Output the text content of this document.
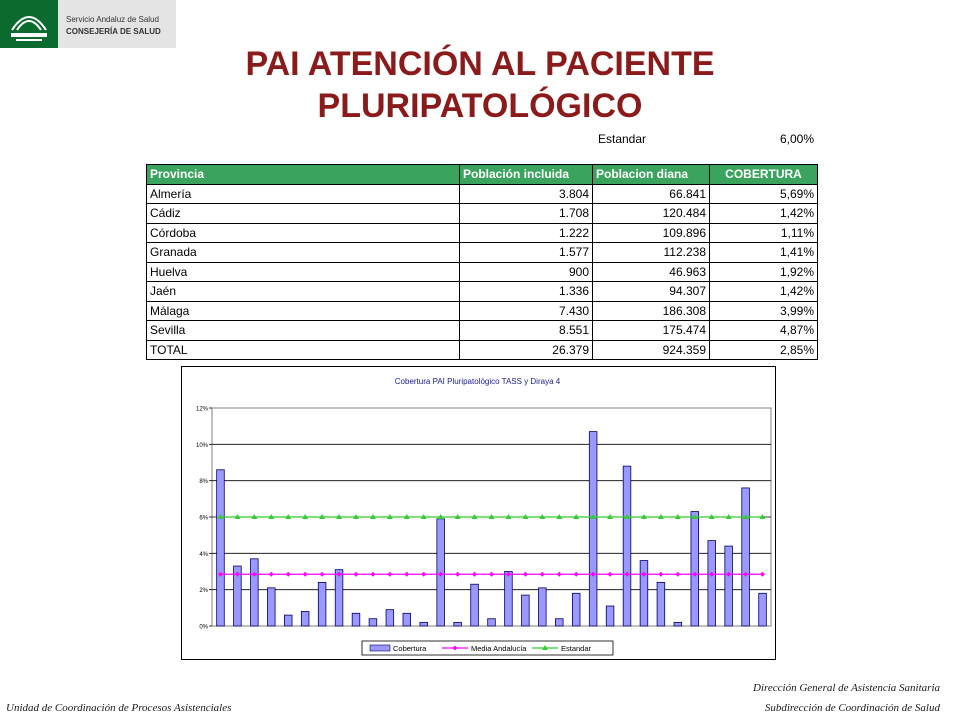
Servicio Andaluz de Salud
CONSEJERÍA DE SALUD
PAI ATENCIÓN AL PACIENTE
PLURIPATOLÓGICO
Estandar	6,00%
Provincia	Población incluida	Poblacion diana	COBERTURA
Almería	3.804	66.841	5,69%
Cádiz	1.708	120.484	1,42%
Córdoba	1.222	109.896	1,11%
Granada	1.577	112.238	1,41%
Huelva	900	46.963	1,92%
Jaén	1.336	94.307	1,42%
Málaga	7.430	186.308	3,99%
Sevilla	8.551	175.474	4,87%
TOTAL	26.379	924.359	2,85%
Cobertura PAI Pluripatológico TASS y Diraya 4
0%
2%
4%
6%
8%
10%
12%
Cobertura	Media Andalucía	Estandar
Unidad de Coordinación de Procesos Asistenciales
Dirección General de Asistencia Sanitaria
Subdirección de Coordinación de Salud
